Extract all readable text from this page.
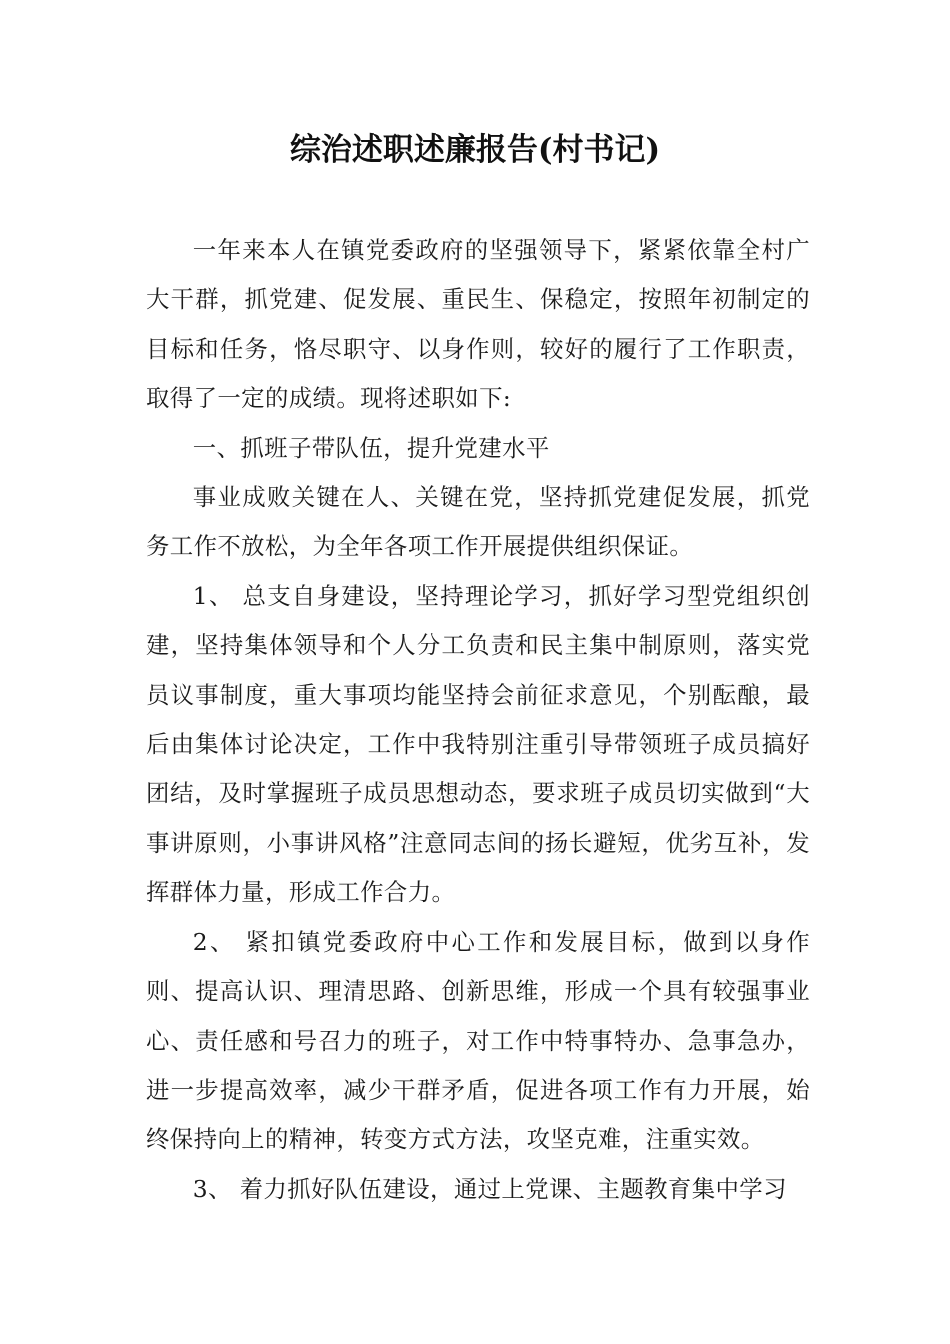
综治述职述廉报告(村书记)

一年来本人在镇党委政府的坚强领导下，紧紧依靠全村广大干群，抓党建、促发展、重民生、保稳定，按照年初制定的目标和任务，恪尽职守、以身作则，较好的履行了工作职责，取得了一定的成绩。现将述职如下:

一、抓班子带队伍，提升党建水平

事业成败关键在人、关键在党，坚持抓党建促发展，抓党务工作不放松，为全年各项工作开展提供组织保证。

1、 总支自身建设，坚持理论学习，抓好学习型党组织创建，坚持集体领导和个人分工负责和民主集中制原则，落实党员议事制度，重大事项均能坚持会前征求意见，个别酝酿，最后由集体讨论决定，工作中我特别注重引导带领班子成员搞好团结，及时掌握班子成员思想动态，要求班子成员切实做到“大事讲原则，小事讲风格”注意同志间的扬长避短，优劣互补，发挥群体力量，形成工作合力。

2、 紧扣镇党委政府中心工作和发展目标，做到以身作则、提高认识、理清思路、创新思维，形成一个具有较强事业心、责任感和号召力的班子，对工作中特事特办、急事急办，进一步提高效率，减少干群矛盾，促进各项工作有力开展，始终保持向上的精神，转变方式方法，攻坚克难，注重实效。

3、 着力抓好队伍建设，通过上党课、主题教育集中学习
